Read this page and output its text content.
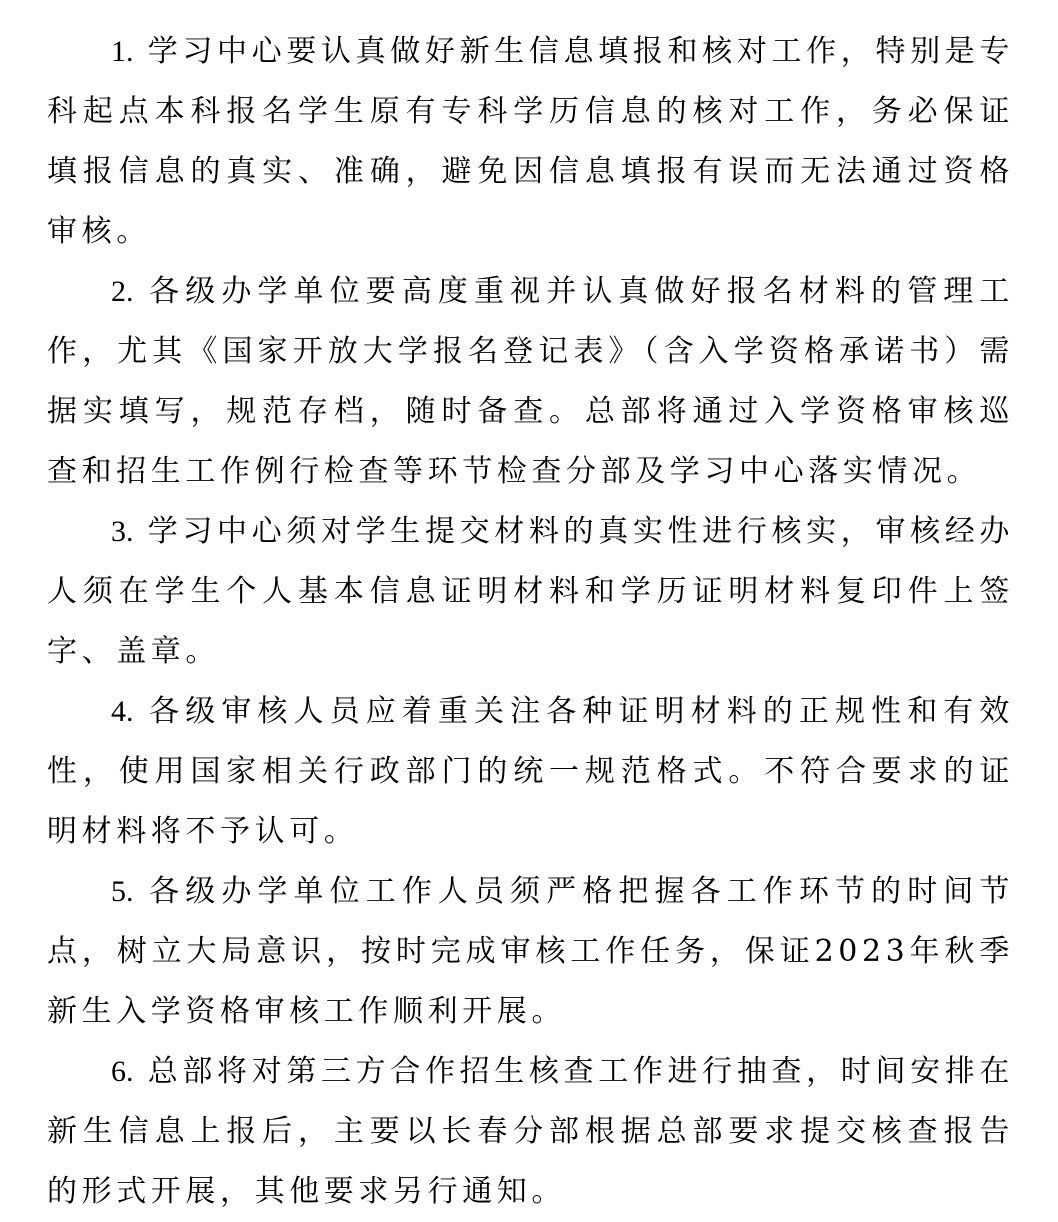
1. 学习中心要认真做好新生信息填报和核对工作，特别是专科起点本科报名学生原有专科学历信息的核对工作，务必保证填报信息的真实、准确，避免因信息填报有误而无法通过资格审核。

2. 各级办学单位要高度重视并认真做好报名材料的管理工作，尤其《国家开放大学报名登记表》（含入学资格承诺书）需据实填写，规范存档，随时备查。总部将通过入学资格审核巡查和招生工作例行检查等环节检查分部及学习中心落实情况。

3. 学习中心须对学生提交材料的真实性进行核实，审核经办人须在学生个人基本信息证明材料和学历证明材料复印件上签字、盖章。

4. 各级审核人员应着重关注各种证明材料的正规性和有效性，使用国家相关行政部门的统一规范格式。不符合要求的证明材料将不予认可。

5. 各级办学单位工作人员须严格把握各工作环节的时间节点，树立大局意识，按时完成审核工作任务，保证2023年秋季新生入学资格审核工作顺利开展。

6. 总部将对第三方合作招生核查工作进行抽查，时间安排在新生信息上报后，主要以长春分部根据总部要求提交核查报告的形式开展，其他要求另行通知。
